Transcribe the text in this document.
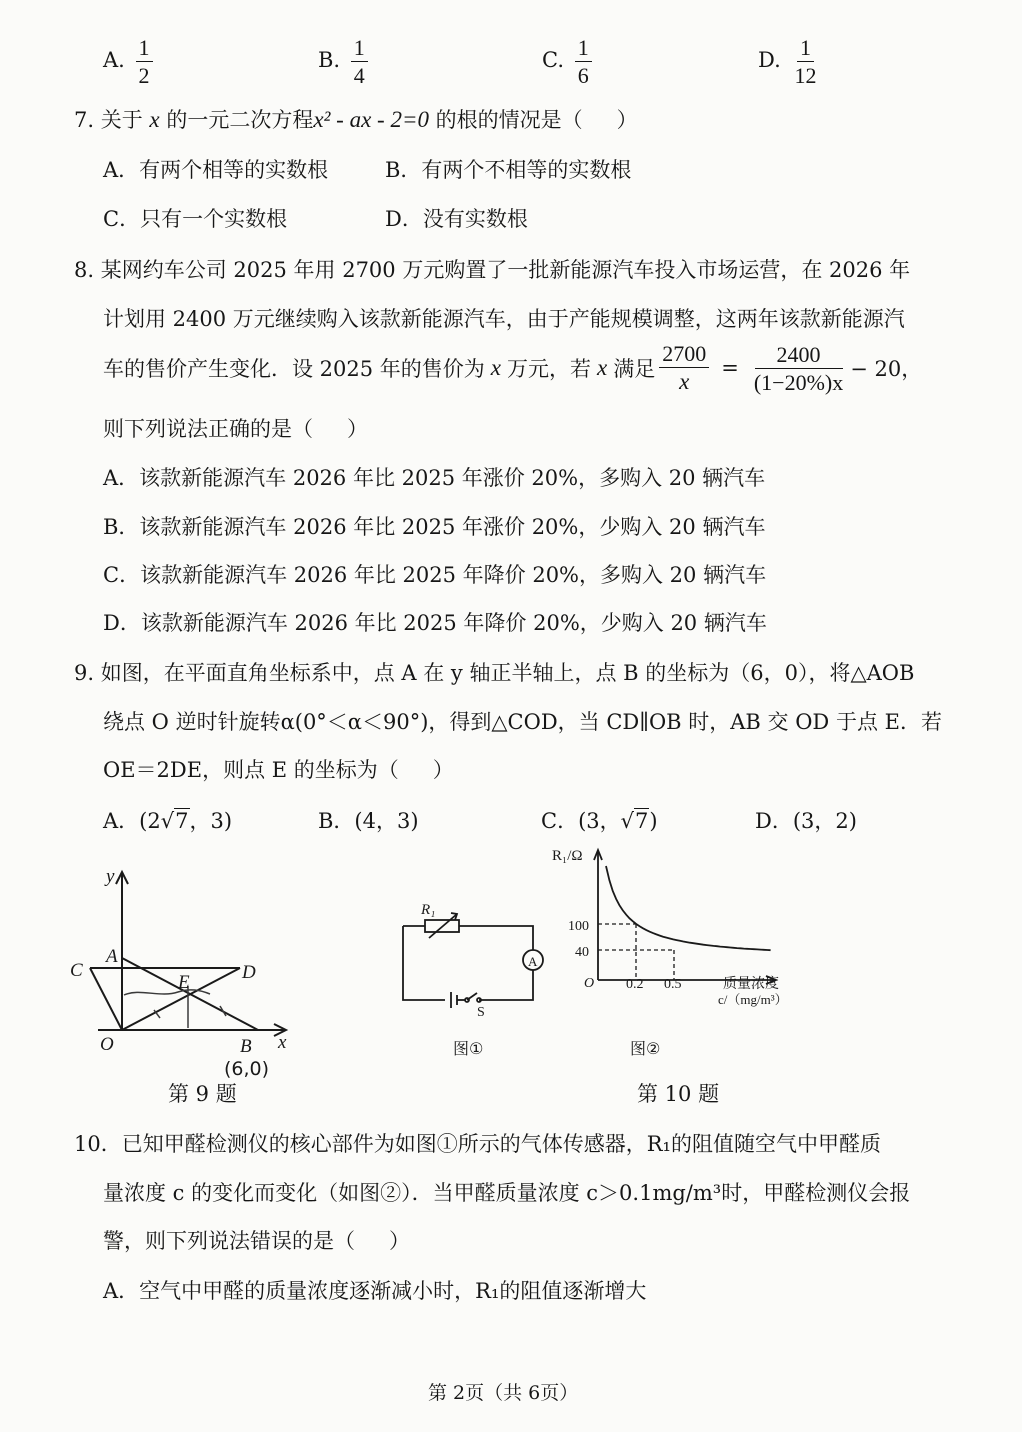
A. $\frac{1}{2}$	B. $\frac{1}{4}$	C. $\frac{1}{6}$	D. $\frac{1}{12}$
7. 关于 x 的一元二次方程x² - ax - 2=0 的根的情况是（ ）
A．有两个相等的实数根	B．有两个不相等的实数根
C．只有一个实数根	D．没有实数根
8. 某网约车公司 2025 年用 2700 万元购置了一批新能源汽车投入市场运营，在 2026 年
计划用 2400 万元继续购入该款新能源汽车，由于产能规模调整，这两年该款新能源汽
车的售价产生变化．设 2025 年的售价为 x 万元，若 x 满足 $\frac{2700}{x} = \frac{2400}{(1-20\%)x} - 20$，
则下列说法正确的是（ ）
A．该款新能源汽车 2026 年比 2025 年涨价 20%，多购入 20 辆汽车
B．该款新能源汽车 2026 年比 2025 年涨价 20%，少购入 20 辆汽车
C．该款新能源汽车 2026 年比 2025 年降价 20%，多购入 20 辆汽车
D．该款新能源汽车 2026 年比 2025 年降价 20%，少购入 20 辆汽车
9. 如图，在平面直角坐标系中，点 A 在 y 轴正半轴上，点 B 的坐标为（6，0），将△AOB
绕点 O 逆时针旋转α(0°＜α＜90°)，得到△COD，当 CD∥OB 时，AB 交 OD 于点 E．若
OE＝2DE，则点 E 的坐标为（ ）
A．(2√7，3)	B．(4，3)	C．(3，√7)	D．(3，2)
y
x
O
A
B
C	D
E
(6,0)
第 9 题
R₁
A
S
图①
R₁/Ω
O
100
40
0.2 0.5	质量浓度
c/（mg/m³）
图②
第 10 题
10．已知甲醛检测仪的核心部件为如图①所示的气体传感器，R₁的阻值随空气中甲醛质
量浓度 c 的变化而变化（如图②）．当甲醛质量浓度 c＞0.1mg/m³时，甲醛检测仪会报
警，则下列说法错误的是（ ）
A．空气中甲醛的质量浓度逐渐减小时，R₁的阻值逐渐增大
第 2页（共 6页）
